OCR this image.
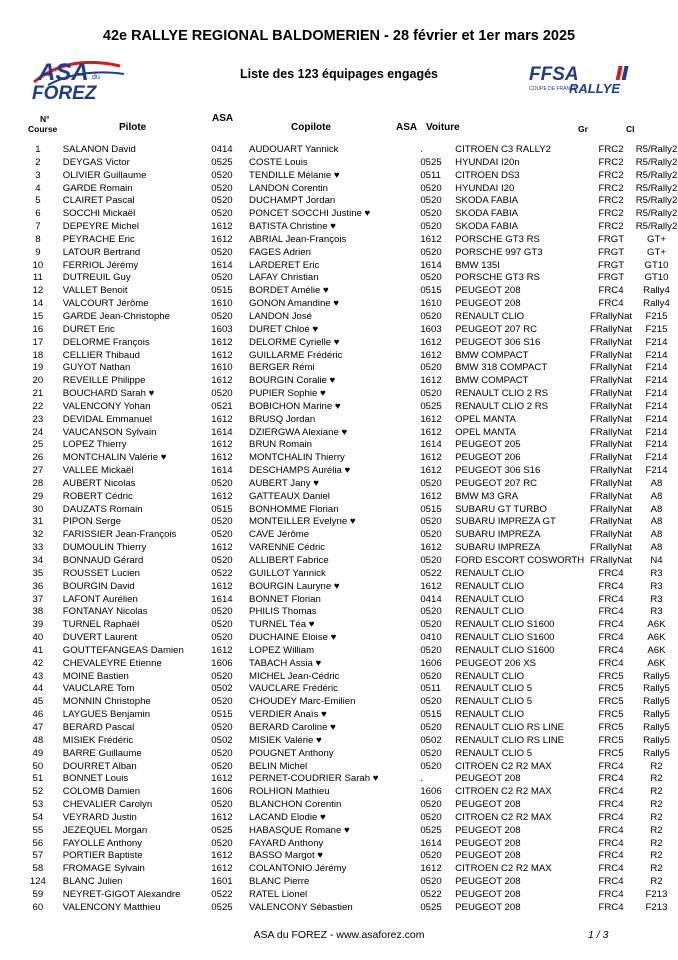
42e RALLYE REGIONAL BALDOMERIEN - 28 février et 1er mars 2025
ASA du
FOREZ
Liste des 123 équipages engagés	FFSA
COUPE DE FRANCE
RALLYE
N°
Course	Pilote
ASA
Copilote	ASA Voiture	Gr	Cl
1	SALANON David	0414	AUDOUART Yannick	.	CITROEN C3 RALLY2	FRC2	R5/Rally2
2	DEYGAS Victor	0525	COSTE Louis	0525	HYUNDAI I20n	FRC2	R5/Rally2
3	OLIVIER Guillaume	0520	TENDILLE Mélanie ♥	0511	CITROEN DS3	FRC2	R5/Rally2
4	GARDE Romain	0520	LANDON Corentin	0520	HYUNDAI I20	FRC2	R5/Rally2
5	CLAIRET Pascal	0520	DUCHAMPT Jordan	0520	SKODA FABIA	FRC2	R5/Rally2
6	SOCCHI Mickaël	0520	PONCET SOCCHI Justine ♥	0520	SKODA FABIA	FRC2	R5/Rally2
7	DEPEYRE Michel	1612	BATISTA Christine ♥	0520	SKODA FABIA	FRC2	R5/Rally2
8	PEYRACHE Eric	1612	ABRIAL Jean-François	1612	PORSCHE GT3 RS	FRGT	GT+
9	LATOUR Bertrand	0520	FAGES Adrien	0520	PORSCHE 997 GT3	FRGT	GT+
10	FERRIOL Jérémy	1614	LARDERET Eric	1614	BMW 135I	FRGT	GT10
11	DUTREUIL Guy	0520	LAFAY Christian	0520	PORSCHE GT3 RS	FRGT	GT10
12	VALLET Benoit	0515	BORDET Amélie ♥	0515	PEUGEOT 208	FRC4	Rally4
14	VALCOURT Jérôme	1610	GONON Amandine ♥	1610	PEUGEOT 208	FRC4	Rally4
15	GARDE Jean-Christophe	0520	LANDON José	0520	RENAULT CLIO	FRallyNat	F215
16	DURET Eric	1603	DURET Chloé ♥	1603	PEUGEOT 207 RC	FRallyNat	F215
17	DELORME François	1612	DELORME Cyrielle ♥	1612	PEUGEOT 306 S16	FRallyNat	F214
18	CELLIER Thibaud	1612	GUILLARME Frédéric	1612	BMW COMPACT	FRallyNat	F214
19	GUYOT Nathan	1610	BERGER Rémi	0520	BMW 318 COMPACT	FRallyNat	F214
20	REVEILLE Philippe	1612	BOURGIN Coralie ♥	1612	BMW COMPACT	FRallyNat	F214
21	BOUCHARD Sarah ♥	0520	PUPIER Sophie ♥	0520	RENAULT CLIO 2 RS	FRallyNat	F214
22	VALENCONY Yohan	0521	BOBICHON Marine ♥	0525	RENAULT CLIO 2 RS	FRallyNat	F214
23	DEVIDAL Emmanuel	1612	BRUSQ Jordan	1612	OPEL MANTA	FRallyNat	F214
24	VAUCANSON Sylvain	1614	DZIERGWA Alexiane ♥	1612	OPEL MANTA	FRallyNat	F214
25	LOPEZ Thierry	1612	BRUN Romain	1614	PEUGEOT 205	FRallyNat	F214
26	MONTCHALIN Valérie ♥	1612	MONTCHALIN Thierry	1612	PEUGEOT 206	FRallyNat	F214
27	VALLEE Mickaël	1614	DESCHAMPS Aurélia ♥	1612	PEUGEOT 306 S16	FRallyNat	F214
28	AUBERT Nicolas	0520	AUBERT Jany ♥	0520	PEUGEOT 207 RC	FRallyNat	A8
29	ROBERT Cédric	1612	GATTEAUX Daniel	1612	BMW M3 GRA	FRallyNat	A8
30	DAUZATS Romain	0515	BONHOMME Florian	0515	SUBARU GT TURBO	FRallyNat	A8
31	PIPON Serge	0520	MONTEILLER Evelyne ♥	0520	SUBARU IMPREZA GT	FRallyNat	A8
32	FARISSIER Jean-François	0520	CAVE Jérôme	0520	SUBARU IMPREZA	FRallyNat	A8
33	DUMOULIN Thierry	1612	VARENNE Cédric	1612	SUBARU IMPREZA	FRallyNat	A8
34	BONNAUD Gérard	0520	ALLIBERT Fabrice	0520	FORD ESCORT COSWORTH	FRallyNat	N4
35	ROUSSET Lucien	0522	GUILLOT Yannick	0522	RENAULT CLIO	FRC4	R3
36	BOURGIN David	1612	BOURGIN Lauryne ♥	1612	RENAULT CLIO	FRC4	R3
37	LAFONT Aurélien	1614	BONNET Florian	0414	RENAULT CLIO	FRC4	R3
38	FONTANAY Nicolas	0520	PHILIS Thomas	0520	RENAULT CLIO	FRC4	R3
39	TURNEL Raphaël	0520	TURNEL Téa ♥	0520	RENAULT CLIO S1600	FRC4	A6K
40	DUVERT Laurent	0520	DUCHAINE Eloise ♥	0410	RENAULT CLIO S1600	FRC4	A6K
41	GOUTTEFANGEAS Damien	1612	LOPEZ William	0520	RENAULT CLIO S1600	FRC4	A6K
42	CHEVALEYRE Etienne	1606	TABACH Assia ♥	1606	PEUGEOT 206 XS	FRC4	A6K
43	MOINE Bastien	0520	MICHEL Jean-Cédric	0520	RENAULT CLIO	FRC5	Rally5
44	VAUCLARE Tom	0502	VAUCLARE Frédéric	0511	RENAULT CLIO 5	FRC5	Rally5
45	MONNIN Christophe	0520	CHOUDEY Marc-Emilien	0520	RENAULT CLIO 5	FRC5	Rally5
46	LAYGUES Benjamin	0515	VERDIER Anaïs ♥	0515	RENAULT CLIO	FRC5	Rally5
47	BERARD Pascal	0520	BERARD Caroline ♥	0520	RENAULT CLIO RS LINE	FRC5	Rally5
48	MISIEK Frédéric	0502	MISIEK Valérie ♥	0502	RENAULT CLIO RS LINE	FRC5	Rally5
49	BARRE Guillaume	0520	POUGNET Anthony	0520	RENAULT CLIO 5	FRC5	Rally5
50	DOURRET Alban	0520	BELIN Michel	0520	CITROEN C2 R2 MAX	FRC4	R2
51	BONNET Louis	1612	PERNET-COUDRIER Sarah ♥	.	PEUGEOT 208	FRC4	R2
52	COLOMB Damien	1606	ROLHION Mathieu	1606	CITROEN C2 R2 MAX	FRC4	R2
53	CHEVALIER Carolyn	0520	BLANCHON Corentin	0520	PEUGEOT 208	FRC4	R2
54	VEYRARD Justin	1612	LACAND Elodie ♥	0520	CITROEN C2 R2 MAX	FRC4	R2
55	JEZEQUEL Morgan	0525	HABASQUE Romane ♥	0525	PEUGEOT 208	FRC4	R2
56	FAYOLLE Anthony	0520	FAYARD Anthony	1614	PEUGEOT 208	FRC4	R2
57	PORTIER Baptiste	1612	BASSO Margot ♥	0520	PEUGEOT 208	FRC4	R2
58	FROMAGE Sylvain	1612	COLANTONIO Jérémy	1612	CITROEN C2 R2 MAX	FRC4	R2
124	BLANC Julien	1601	BLANC Pierre	0520	PEUGEOT 208	FRC4	R2
59	NEYRET-GIGOT Alexandre	0522	RATEL Lionel	0522	PEUGEOT 208	FRC4	F213
60	VALENCONY Matthieu	0525	VALENCONY Sébastien	0525	PEUGEOT 208	FRC4	F213
ASA du FOREZ - www.asaforez.com	1 / 3
